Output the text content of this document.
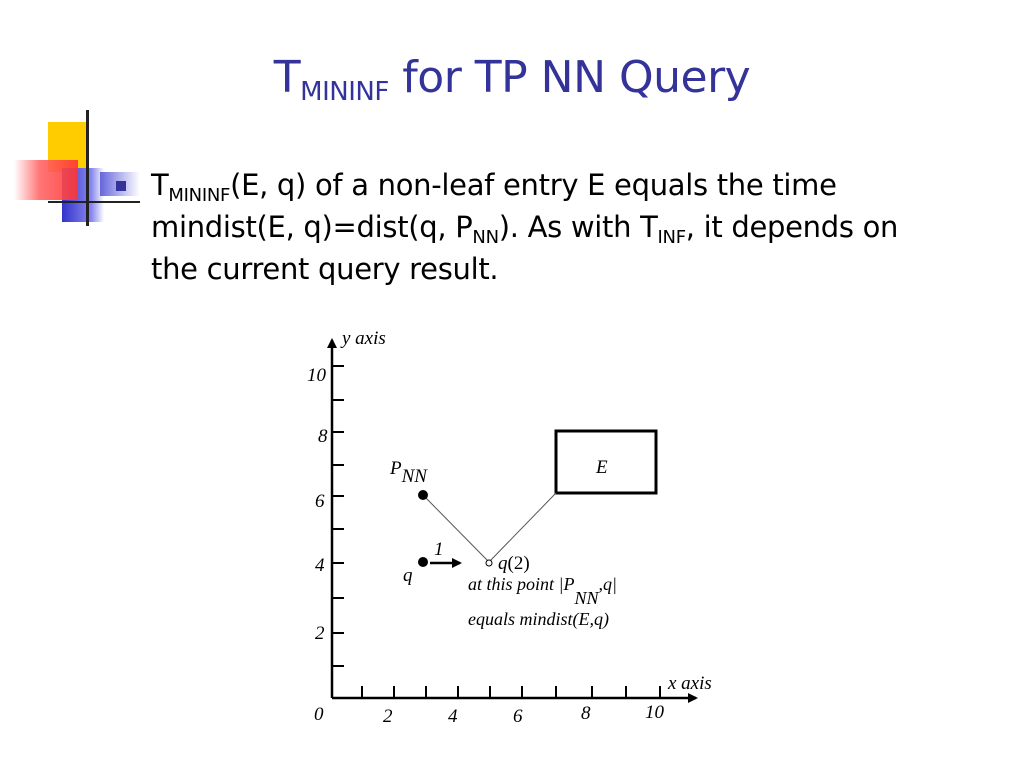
$T_{MININF}$ for TP NN Query
$T_{MININF}(E$, q) of a non-leaf entry E equals the time
mindist(E, q)=dist(q, $P_{NN}$). As with $T_{INF}$, it depends on
the current query result.
y axis
x axis
0	2	4	6	8	10
2
4
6
8
10
E
PNN
q
1
q(2)
at this point |PNN,q|
equals mindist(E,q)
